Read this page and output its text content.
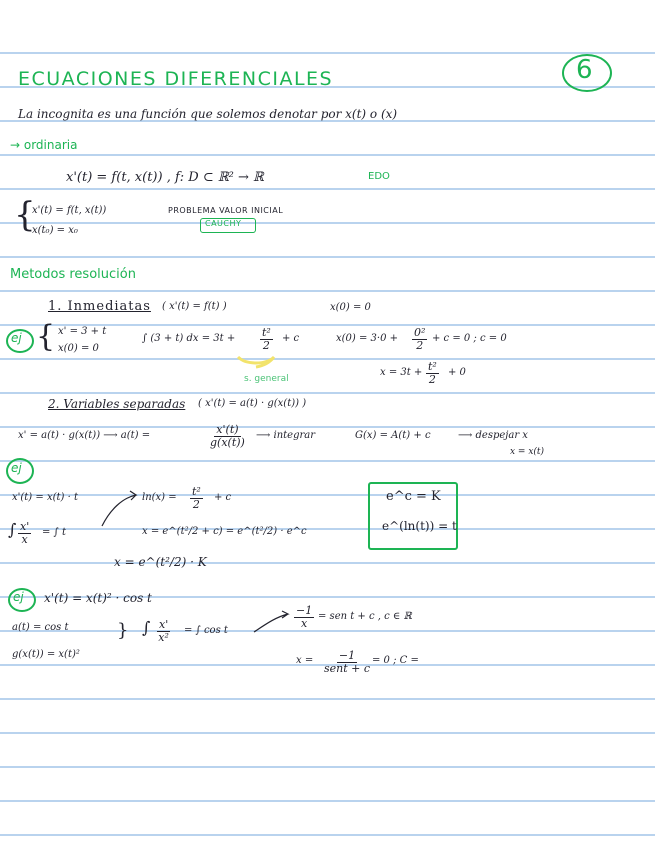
6
ECUACIONES DIFERENCIALES
La incognita es una función que solemos denotar por x(t) o (x)
→ ordinaria
x'(t) = f(t, x(t)) , f: D ⊂ ℝ² → ℝ	EDO
{
x'(t) = f(t, x(t))
x(t₀) = x₀
PROBLEMA VALOR INICIAL
CAUCHY
Metodos resolución
1. Inmediatas ( x'(t) = f(t) )	x(0) = 0
ej { x' = 3 + t
x(0) = 0
∫ (3 + t) dx = $3t + \frac{\text{t²}}{2} + c$
s. general
$x(0) = 3\cdot 0 + \frac{\text{0²}}{2} + c = 0$ ; c = 0
$x = 3t + \frac{\text{t²}}{2} + 0$
2. Variables separadas ( x'(t) = a(t) · g(x(t)) )
x' = a(t) · g(x(t)) ⟶ a(t) =	$\frac{x'(t)}{g(x(t))}$ ⟶ integrar	G(x) = A(t) + c	⟶ despejar x
x = x(t)
ej
x'(t) = x(t) · t
∫ $\frac{x'}{x}$ = ∫ t
$\ln(x) = \frac{\text{t²}}{2} + c$
x = e^(t²/2 + c) = e^(t²/2) · e^c
x = e^(t²/2) · K
e^c = K
e^(ln(t)) = t
ej x'(t) = x(t)² · cos t
a(t) = cos t
g(x(t)) = x(t)²
} ∫ $\frac{x'}{\text{x²}}$ = ∫ cos t
$\frac{-1}{x}$ = sen t + c , c ∈ ℝ
x = −1
sent + c
= 0 ; C =
